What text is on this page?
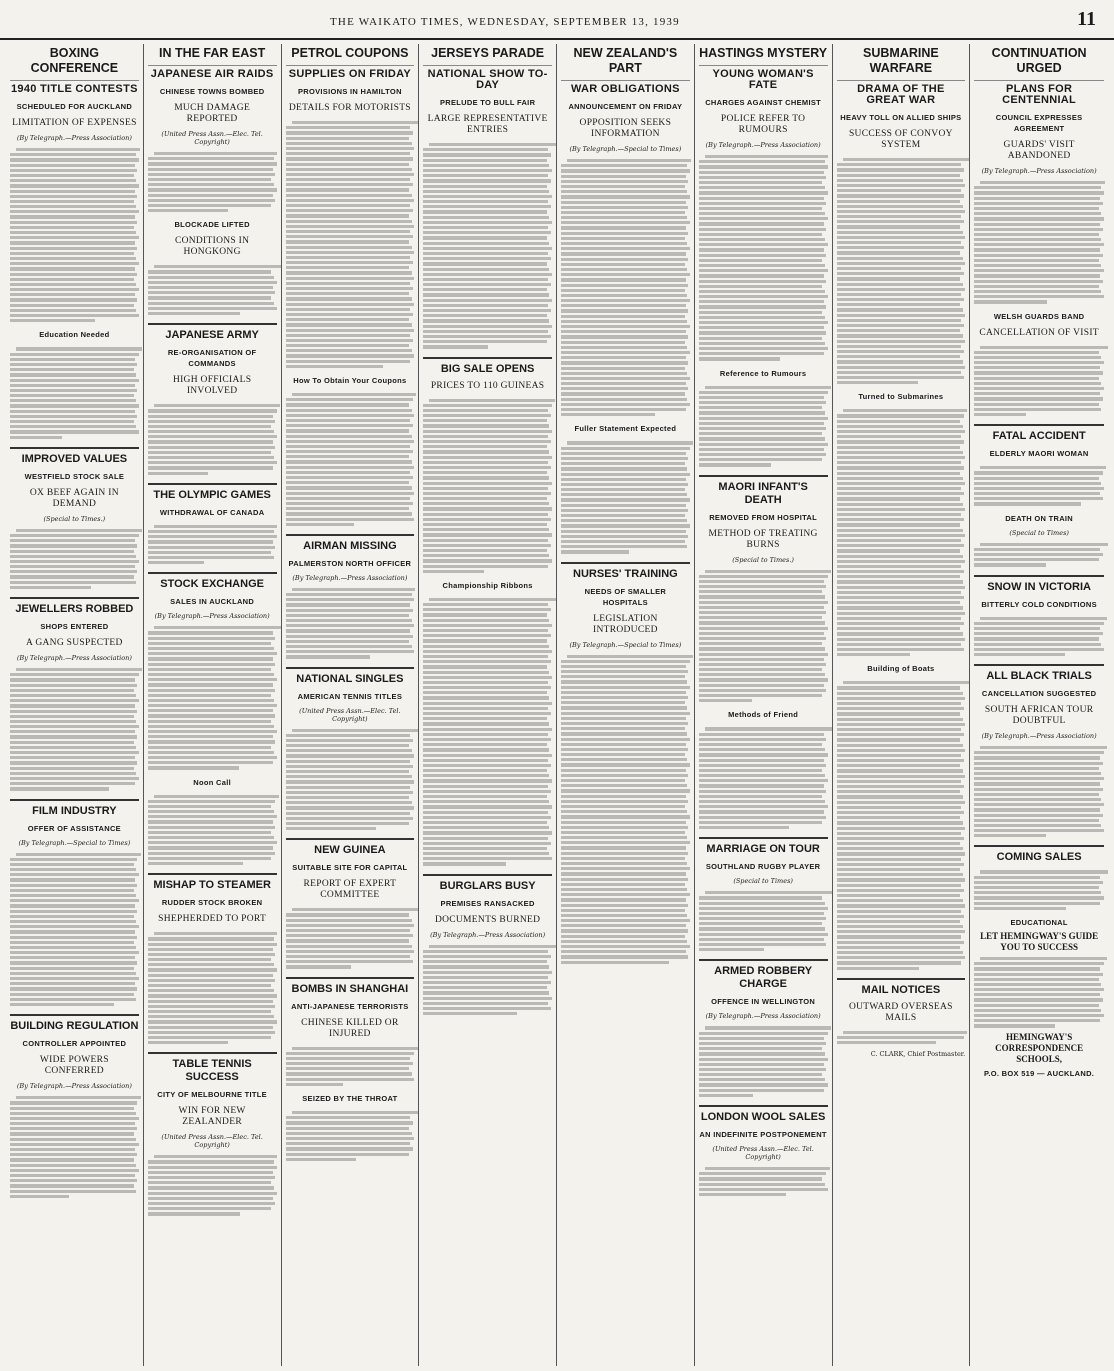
THE WAIKATO TIMES, WEDNESDAY, SEPTEMBER 13, 1939	11
BOXING CONFERENCE
1940 TITLE CONTESTS
SCHEDULED FOR AUCKLAND
LIMITATION OF EXPENSES
(By Telegraph.—Press Association)
Education Needed
IMPROVED VALUES
WESTFIELD STOCK SALE
OX BEEF AGAIN IN DEMAND
(Special to Times.)
JEWELLERS ROBBED
SHOPS ENTERED
A GANG SUSPECTED
(By Telegraph.—Press Association)
FILM INDUSTRY
OFFER OF ASSISTANCE
(By Telegraph.—Special to Times)
BUILDING REGULATION
CONTROLLER APPOINTED
WIDE POWERS CONFERRED
(By Telegraph.—Press Association)
IN THE FAR EAST
JAPANESE AIR RAIDS
CHINESE TOWNS BOMBED
MUCH DAMAGE REPORTED
(United Press Assn.—Elec. Tel. Copyright)
BLOCKADE LIFTED
CONDITIONS IN HONGKONG
JAPANESE ARMY
RE-ORGANISATION OF COMMANDS
HIGH OFFICIALS INVOLVED
THE OLYMPIC GAMES
WITHDRAWAL OF CANADA
STOCK EXCHANGE
SALES IN AUCKLAND
(By Telegraph.—Press Association)
Noon Call
MISHAP TO STEAMER
RUDDER STOCK BROKEN
SHEPHERDED TO PORT
TABLE TENNIS SUCCESS
CITY OF MELBOURNE TITLE
WIN FOR NEW ZEALANDER
(United Press Assn.—Elec. Tel. Copyright)
PETROL COUPONS
SUPPLIES ON FRIDAY
PROVISIONS IN HAMILTON
DETAILS FOR MOTORISTS
How To Obtain Your Coupons
AIRMAN MISSING
PALMERSTON NORTH OFFICER
(By Telegraph.—Press Association)
NATIONAL SINGLES
AMERICAN TENNIS TITLES
(United Press Assn.—Elec. Tel. Copyright)
NEW GUINEA
SUITABLE SITE FOR CAPITAL
REPORT OF EXPERT COMMITTEE
BOMBS IN SHANGHAI
ANTI-JAPANESE TERRORISTS
CHINESE KILLED OR INJURED
SEIZED BY THE THROAT
JERSEYS PARADE
NATIONAL SHOW TO-DAY
PRELUDE TO BULL FAIR
LARGE REPRESENTATIVE ENTRIES
BIG SALE OPENS
PRICES TO 110 GUINEAS
Championship Ribbons
BURGLARS BUSY
PREMISES RANSACKED
DOCUMENTS BURNED
(By Telegraph.—Press Association)
NEW ZEALAND'S PART
WAR OBLIGATIONS
ANNOUNCEMENT ON FRIDAY
OPPOSITION SEEKS INFORMATION
(By Telegraph.—Special to Times)
Fuller Statement Expected
NURSES' TRAINING
NEEDS OF SMALLER HOSPITALS
LEGISLATION INTRODUCED
(By Telegraph.—Special to Times)
HASTINGS MYSTERY
YOUNG WOMAN'S FATE
CHARGES AGAINST CHEMIST
POLICE REFER TO RUMOURS
(By Telegraph.—Press Association)
Reference to Rumours
MAORI INFANT'S DEATH
REMOVED FROM HOSPITAL
METHOD OF TREATING BURNS
(Special to Times.)
Methods of Friend
MARRIAGE ON TOUR
SOUTHLAND RUGBY PLAYER
(Special to Times)
ARMED ROBBERY CHARGE
OFFENCE IN WELLINGTON
(By Telegraph.—Press Association)
LONDON WOOL SALES
AN INDEFINITE POSTPONEMENT
(United Press Assn.—Elec. Tel. Copyright)
SUBMARINE WARFARE
DRAMA OF THE GREAT WAR
HEAVY TOLL ON ALLIED SHIPS
SUCCESS OF CONVOY SYSTEM
Turned to Submarines
Building of Boats
MAIL NOTICES
OUTWARD OVERSEAS MAILS
C. CLARK, Chief Postmaster.
CONTINUATION URGED
PLANS FOR CENTENNIAL
COUNCIL EXPRESSES AGREEMENT
GUARDS' VISIT ABANDONED
(By Telegraph.—Press Association)
WELSH GUARDS BAND
CANCELLATION OF VISIT
FATAL ACCIDENT
ELDERLY MAORI WOMAN
DEATH ON TRAIN
(Special to Times)
SNOW IN VICTORIA
BITTERLY COLD CONDITIONS
ALL BLACK TRIALS
CANCELLATION SUGGESTED
SOUTH AFRICAN TOUR DOUBTFUL
(By Telegraph.—Press Association)
COMING SALES
EDUCATIONAL
LET HEMINGWAY'S GUIDE YOU TO SUCCESS
HEMINGWAY'S CORRESPONDENCE SCHOOLS,
P.O. BOX 519 — AUCKLAND.
